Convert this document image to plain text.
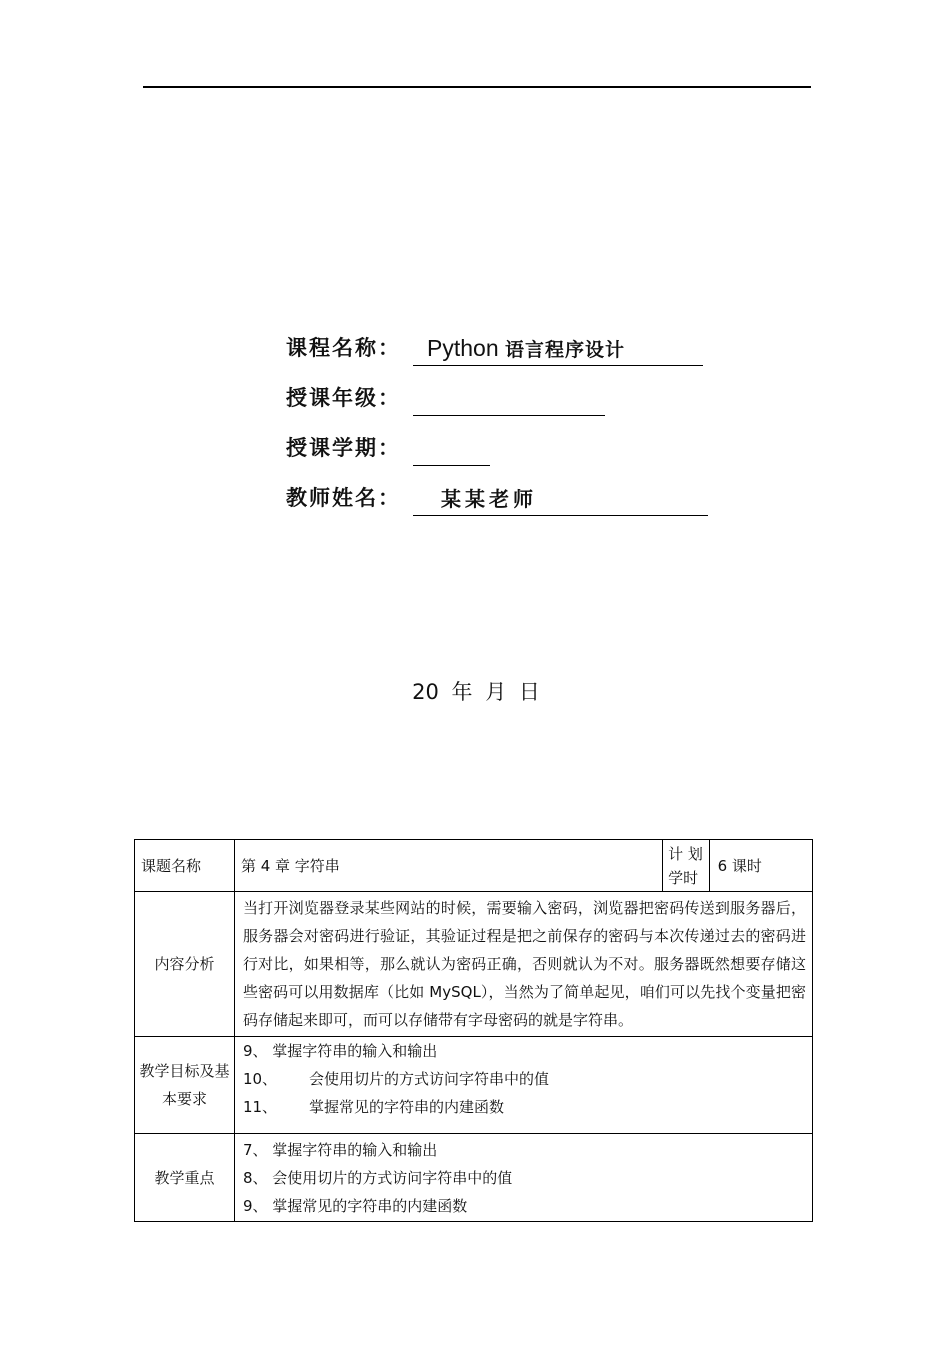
课程名称： Python 语言程序设计
授课年级：
授课学期：
教师姓名： 某某老师
20 年 月 日
课题名称	第 4 章 字符串	计 划学时	6 课时
内容分析	当打开浏览器登录某些网站的时候，需要输入密码，浏览器把密码传送到服务器后，服务器会对密码进行验证，其验证过程是把之前保存的密码与本次传递过去的密码进行对比，如果相等，那么就认为密码正确，否则就认为不对。服务器既然想要存储这些密码可以用数据库（比如 MySQL），当然为了简单起见，咱们可以先找个变量把密码存储起来即可，而可以存储带有字母密码的就是字符串。		
教学目标及基本要求	9、 掌握字符串的输入和输出
10、 会使用切片的方式访问字符串中的值
11、 掌握常见的字符串的内建函数		

教学重点	7、 掌握字符串的输入和输出
8、 会使用切片的方式访问字符串中的值
9、 掌握常见的字符串的内建函数		
